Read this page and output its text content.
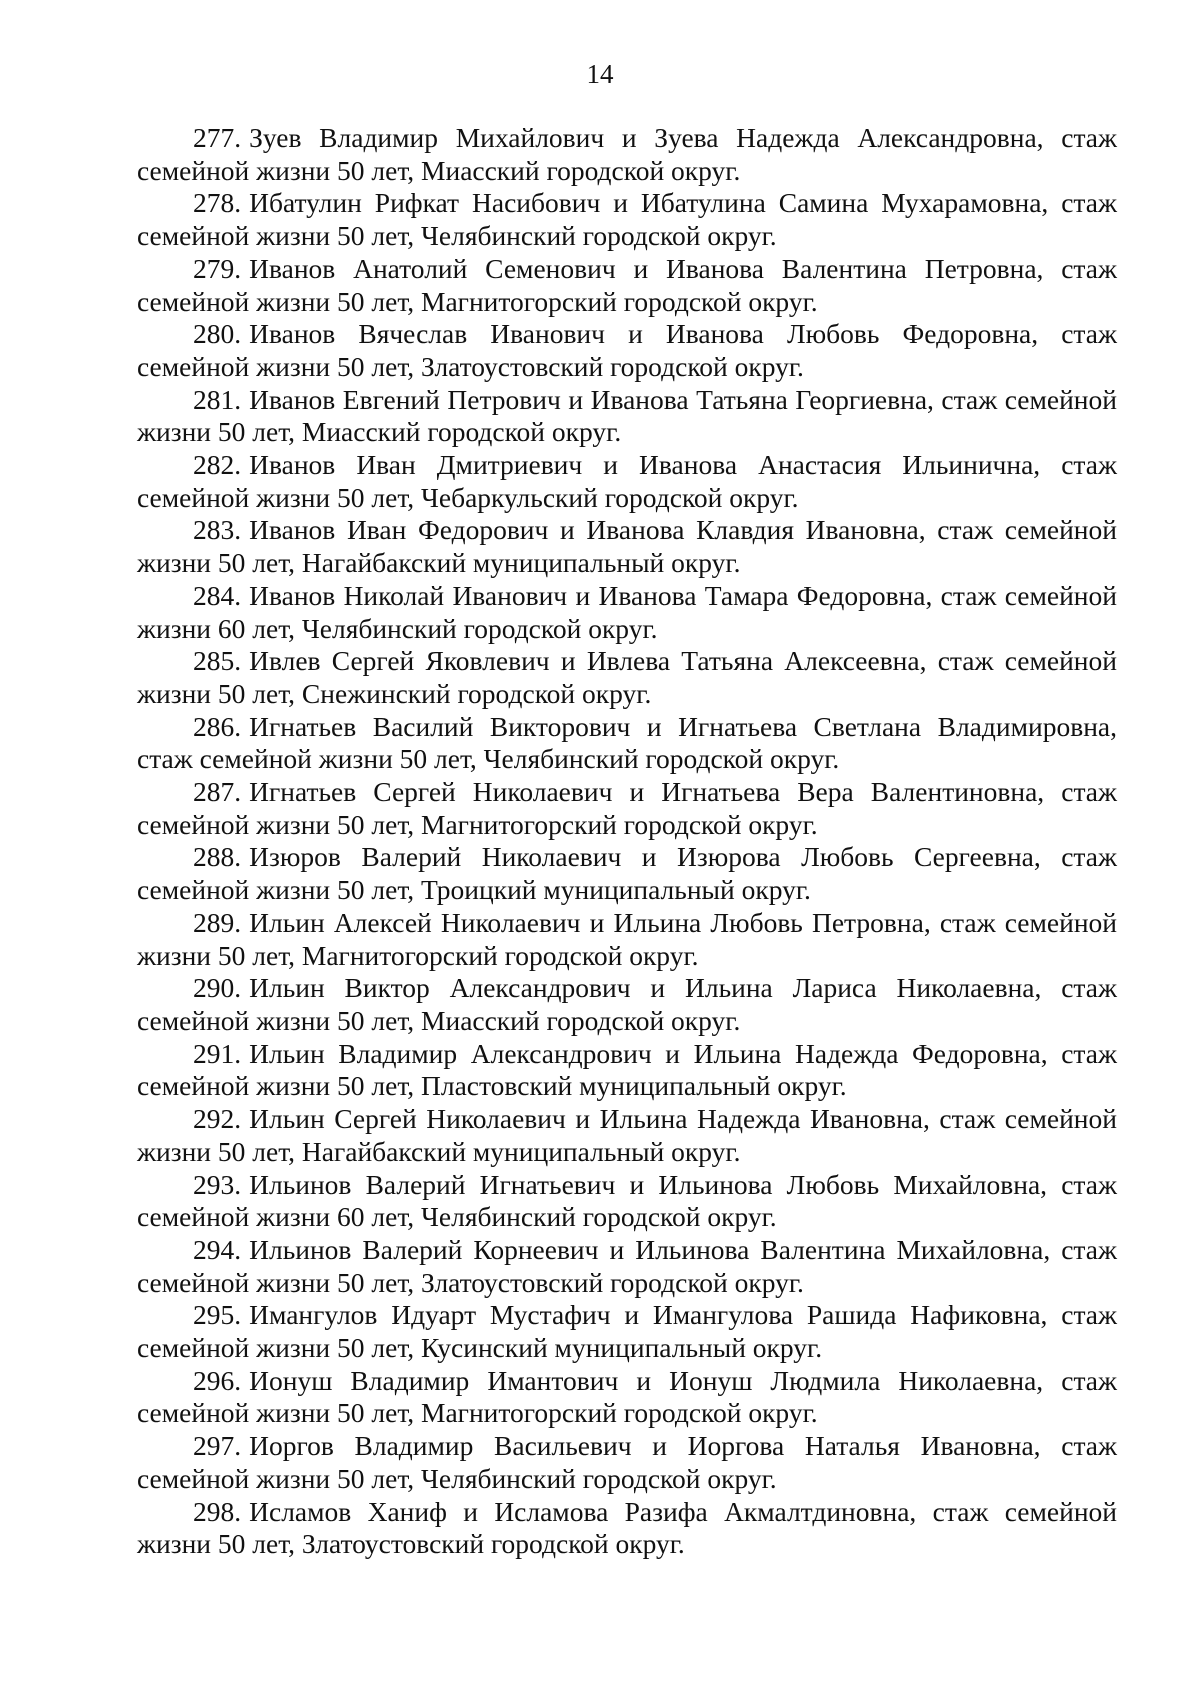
14

277. Зуев Владимир Михайлович и Зуева Надежда Александровна, стаж семейной жизни 50 лет, Миасский городской округ.

278. Ибатулин Рифкат Насибович и Ибатулина Самина Мухарамовна, стаж семейной жизни 50 лет, Челябинский городской округ.

279. Иванов Анатолий Семенович и Иванова Валентина Петровна, стаж семейной жизни 50 лет, Магнитогорский городской округ.

280. Иванов Вячеслав Иванович и Иванова Любовь Федоровна, стаж семейной жизни 50 лет, Златоустовский городской округ.

281. Иванов Евгений Петрович и Иванова Татьяна Георгиевна, стаж семейной жизни 50 лет, Миасский городской округ.

282. Иванов Иван Дмитриевич и Иванова Анастасия Ильинична, стаж семейной жизни 50 лет, Чебаркульский городской округ.

283. Иванов Иван Федорович и Иванова Клавдия Ивановна, стаж семейной жизни 50 лет, Нагайбакский муниципальный округ.

284. Иванов Николай Иванович и Иванова Тамара Федоровна, стаж семейной жизни 60 лет, Челябинский городской округ.

285. Ивлев Сергей Яковлевич и Ивлева Татьяна Алексеевна, стаж семейной жизни 50 лет, Снежинский городской округ.

286. Игнатьев Василий Викторович и Игнатьева Светлана Владимировна, стаж семейной жизни 50 лет, Челябинский городской округ.

287. Игнатьев Сергей Николаевич и Игнатьева Вера Валентиновна, стаж семейной жизни 50 лет, Магнитогорский городской округ.

288. Изюров Валерий Николаевич и Изюрова Любовь Сергеевна, стаж семейной жизни 50 лет, Троицкий муниципальный округ.

289. Ильин Алексей Николаевич и Ильина Любовь Петровна, стаж семейной жизни 50 лет, Магнитогорский городской округ.

290. Ильин Виктор Александрович и Ильина Лариса Николаевна, стаж семейной жизни 50 лет, Миасский городской округ.

291. Ильин Владимир Александрович и Ильина Надежда Федоровна, стаж семейной жизни 50 лет, Пластовский муниципальный округ.

292. Ильин Сергей Николаевич и Ильина Надежда Ивановна, стаж семейной жизни 50 лет, Нагайбакский муниципальный округ.

293. Ильинов Валерий Игнатьевич и Ильинова Любовь Михайловна, стаж семейной жизни 60 лет, Челябинский городской округ.

294. Ильинов Валерий Корнеевич и Ильинова Валентина Михайловна, стаж семейной жизни 50 лет, Златоустовский городской округ.

295. Имангулов Идуарт Мустафич и Имангулова Рашида Нафиковна, стаж семейной жизни 50 лет, Кусинский муниципальный округ.

296. Ионуш Владимир Имантович и Ионуш Людмила Николаевна, стаж семейной жизни 50 лет, Магнитогорский городской округ.

297. Иоргов Владимир Васильевич и Иоргова Наталья Ивановна, стаж семейной жизни 50 лет, Челябинский городской округ.

298. Исламов Ханиф и Исламова Разифа Акмалтдиновна, стаж семейной жизни 50 лет, Златоустовский городской округ.
